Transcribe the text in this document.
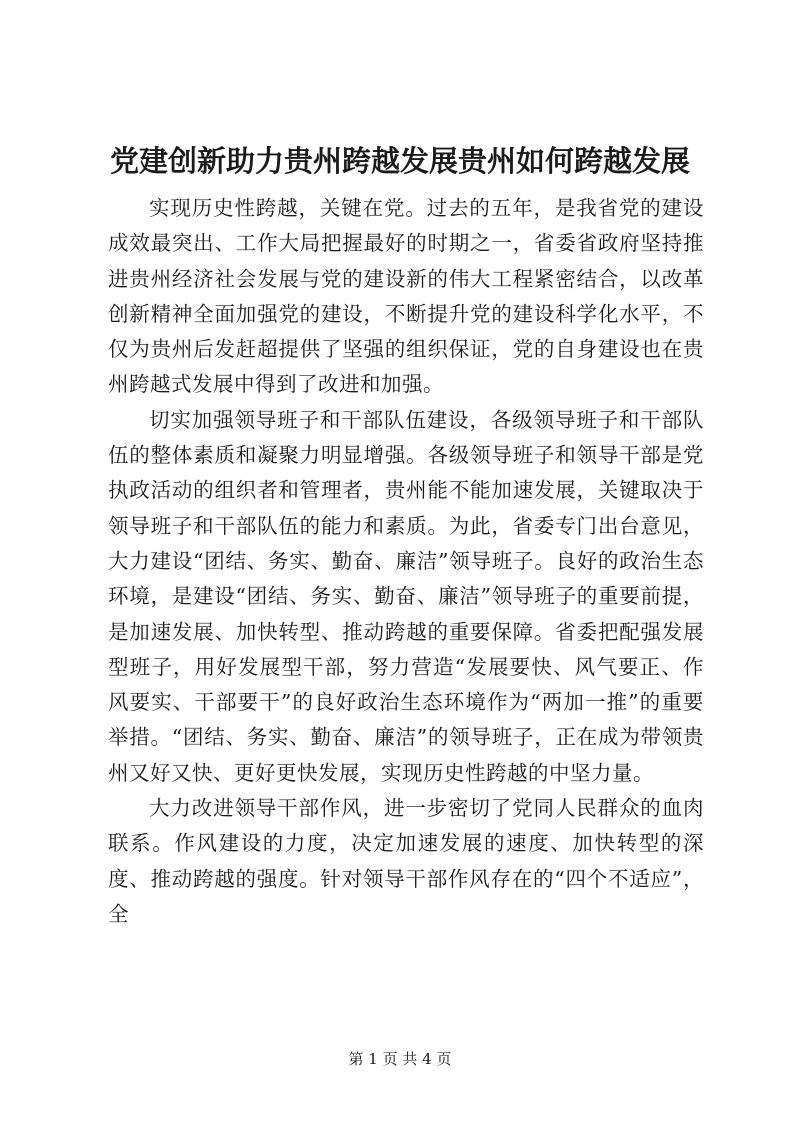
党建创新助力贵州跨越发展贵州如何跨越发展

实现历史性跨越，关键在党。过去的五年，是我省党的建设成效最突出、工作大局把握最好的时期之一，省委省政府坚持推进贵州经济社会发展与党的建设新的伟大工程紧密结合，以改革创新精神全面加强党的建设，不断提升党的建设科学化水平，不仅为贵州后发赶超提供了坚强的组织保证，党的自身建设也在贵州跨越式发展中得到了改进和加强。

切实加强领导班子和干部队伍建设，各级领导班子和干部队伍的整体素质和凝聚力明显增强。各级领导班子和领导干部是党执政活动的组织者和管理者，贵州能不能加速发展，关键取决于领导班子和干部队伍的能力和素质。为此，省委专门出台意见，大力建设“团结、务实、勤奋、廉洁”领导班子。良好的政治生态环境，是建设“团结、务实、勤奋、廉洁”领导班子的重要前提，是加速发展、加快转型、推动跨越的重要保障。省委把配强发展型班子，用好发展型干部，努力营造“发展要快、风气要正、作风要实、干部要干”的良好政治生态环境作为“两加一推”的重要举措。“团结、务实、勤奋、廉洁”的领导班子，正在成为带领贵州又好又快、更好更快发展，实现历史性跨越的中坚力量。

大力改进领导干部作风，进一步密切了党同人民群众的血肉联系。作风建设的力度，决定加速发展的速度、加快转型的深度、推动跨越的强度。针对领导干部作风存在的“四个不适应”，全

第 1 页 共 4 页
